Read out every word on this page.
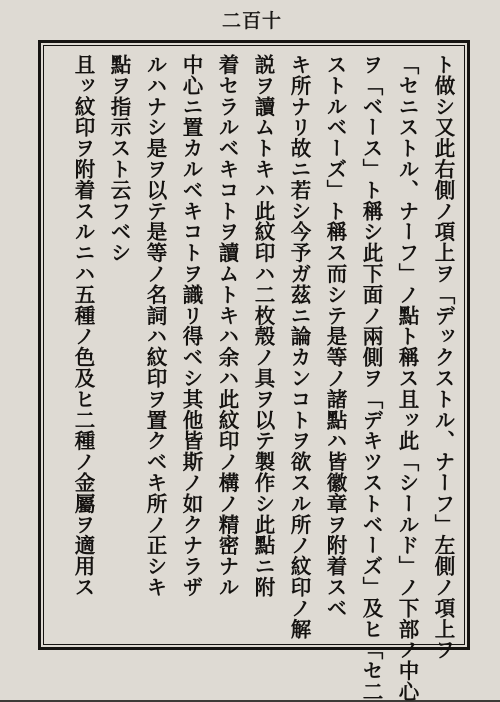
二百十
ト做シ又此右側ノ項上ヲ「デックストル、ナーフ」左側ノ項上ヲ
「セニストル、ナーフ」ノ點ト稱ス且ッ此「シールド」ノ下部ノ中心
ヲ「ベース」ト稱シ此下面ノ兩側ヲ「デキツストベーズ」及ヒ「セ二
ストルベーズ」ト稱ス而シテ是等ノ諸點ハ皆徽章ヲ附着スベ
キ所ナリ故ニ若シ今予ガ茲ニ論カンコトヲ欲スル所ノ紋印ノ解
説ヲ讀ムトキハ此紋印ハ二枚殼ノ具ヲ以テ製作シ此點ニ附
着セラルベキコトヲ讀ムトキハ余ハ此紋印ノ構ノ精密ナル
中心ニ置カルベキコトヲ識リ得ベシ其他皆斯ノ如クナラザ
ルハナシ是ヲ以テ是等ノ名詞ハ紋印ヲ置クベキ所ノ正シキ
點ヲ指示スト云フベシ
且ッ紋印ヲ附着スルニハ五種ノ色及ヒ二種ノ金屬ヲ適用ス
